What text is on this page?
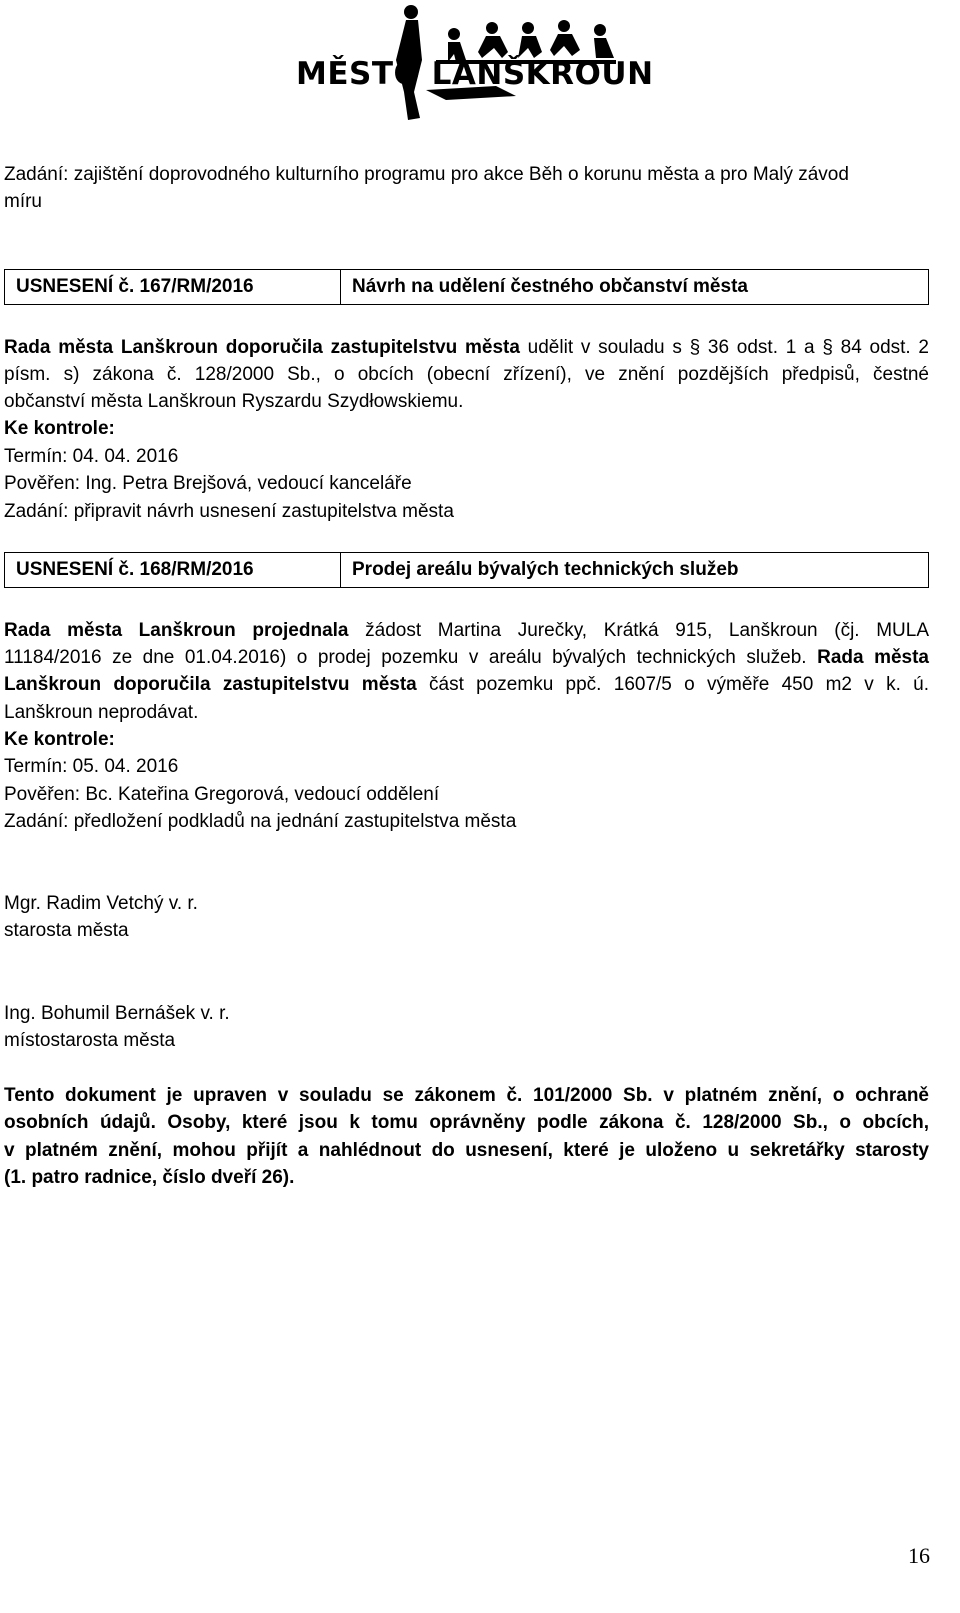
MĚSTO LANŠKROUN
Zadání: zajištění doprovodného kulturního programu pro akce Běh o korunu města a pro Malý závod
míru
USNESENÍ č. 167/RM/2016	Návrh na udělení čestného občanství města
Rada města Lanškroun doporučila zastupitelstvu města udělit v souladu s § 36 odst. 1 a § 84 odst. 2
písm. s) zákona č. 128/2000 Sb., o obcích (obecní zřízení), ve znění pozdějších předpisů, čestné
občanství města Lanškroun Ryszardu Szydłowskiemu.
Ke kontrole:
Termín: 04. 04. 2016
Pověřen: Ing. Petra Brejšová, vedoucí kanceláře
Zadání: připravit návrh usnesení zastupitelstva města
USNESENÍ č. 168/RM/2016	Prodej areálu bývalých technických služeb
Rada města Lanškroun projednala žádost Martina Jurečky, Krátká 915, Lanškroun (čj. MULA
11184/2016 ze dne 01.04.2016) o prodej pozemku v areálu bývalých technických služeb. Rada města
Lanškroun doporučila zastupitelstvu města část pozemku ppč. 1607/5 o výměře 450 m2 v k. ú.
Lanškroun neprodávat.
Ke kontrole:
Termín: 05. 04. 2016
Pověřen: Bc. Kateřina Gregorová, vedoucí oddělení
Zadání: předložení podkladů na jednání zastupitelstva města
Mgr. Radim Vetchý v. r.
starosta města
Ing. Bohumil Bernášek v. r.
místostarosta města
Tento dokument je upraven v souladu se zákonem č. 101/2000 Sb. v platném znění, o ochraně
osobních údajů. Osoby, které jsou k tomu oprávněny podle zákona č. 128/2000 Sb., o obcích,
v platném znění, mohou přijít a nahlédnout do usnesení, které je uloženo u sekretářky starosty
(1. patro radnice, číslo dveří 26).
16
